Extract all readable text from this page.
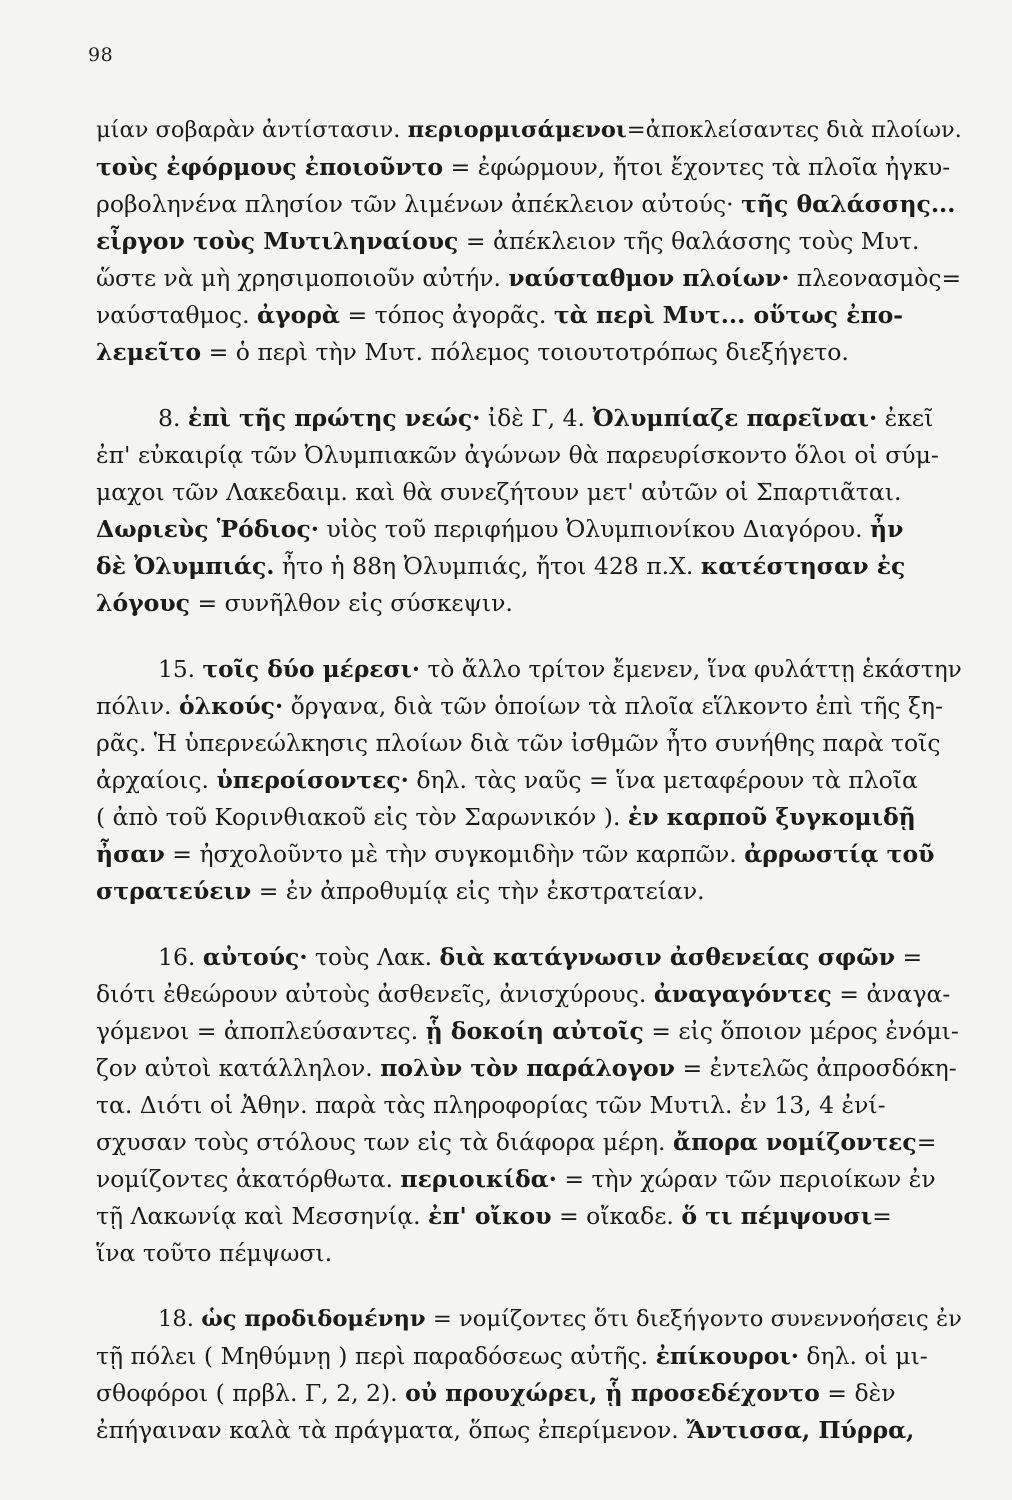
98
μίαν σοβαρὰν ἀντίστασιν. περιορμισάμενοι=ἀποκλείσαντες διὰ πλοίων.
τοὺς ἐφόρμους ἐποιοῦντο = ἐφώρμουν, ἤτοι ἔχοντες τὰ πλοῖα ἠγκυ-
ροβοληνένα πλησίον τῶν λιμένων ἀπέκλειον αὐτούς· τῆς θαλάσσης...
εἶργον τοὺς Μυτιληναίους = ἀπέκλειον τῆς θαλάσσης τοὺς Μυτ.
ὥστε νὰ μὴ χρησιμοποιοῦν αὐτήν. ναύσταθμον πλοίων· πλεονασμὸς=
ναύσταθμος. ἀγορὰ = τόπος ἀγορᾶς. τὰ περὶ Μυτ... οὕτως ἐπο-
λεμεῖτο = ὁ περὶ τὴν Μυτ. πόλεμος τοιουτοτρόπως διεξήγετο.
8. ἐπὶ τῆς πρώτης νεώς· ἰδὲ Γ, 4. Ὀλυμπίαζε παρεῖναι· ἐκεῖ
ἐπ' εὐκαιρίᾳ τῶν Ὀλυμπιακῶν ἀγώνων θὰ παρευρίσκοντο ὅλοι οἱ σύμ-
μαχοι τῶν Λακεδαιμ. καὶ θὰ συνεζήτουν μετ' αὐτῶν οἱ Σπαρτιᾶται.
Δωριεὺς Ῥόδιος· υἱὸς τοῦ περιφήμου Ὀλυμπιονίκου Διαγόρου. ἦν
δὲ Ὀλυμπιάς. ἦτο ἡ 88η Ὀλυμπιάς, ἤτοι 428 π.Χ. κατέστησαν ἐς
λόγους = συνῆλθον εἰς σύσκεψιν.
15. τοῖς δύο μέρεσι· τὸ ἄλλο τρίτον ἔμενεν, ἵνα φυλάττῃ ἑκάστην
πόλιν. ὁλκούς· ὄργανα, διὰ τῶν ὁποίων τὰ πλοῖα εἵλκοντο ἐπὶ τῆς ξη-
ρᾶς. Ἡ ὑπερνεώλκησις πλοίων διὰ τῶν ἰσθμῶν ἦτο συνήθης παρὰ τοῖς
ἀρχαίοις. ὑπεροίσοντες· δηλ. τὰς ναῦς = ἵνα μεταφέρουν τὰ πλοῖα
( ἀπὸ τοῦ Κορινθιακοῦ εἰς τὸν Σαρωνικόν ). ἐν καρποῦ ξυγκομιδῇ
ἦσαν = ἠσχολοῦντο μὲ τὴν συγκομιδὴν τῶν καρπῶν. ἀρρωστίᾳ τοῦ
στρατεύειν = ἐν ἀπροθυμίᾳ εἰς τὴν ἐκστρατείαν.
16. αὐτούς· τοὺς Λακ. διὰ κατάγνωσιν ἀσθενείας σφῶν =
διότι ἐθεώρουν αὐτοὺς ἀσθενεῖς, ἀνισχύρους. ἀναγαγόντες = ἀναγα-
γόμενοι = ἀποπλεύσαντες. ᾗ δοκοίη αὐτοῖς = εἰς ὅποιον μέρος ἐνόμι-
ζον αὐτοὶ κατάλληλον. πολὺν τὸν παράλογον = ἐντελῶς ἀπροσδόκη-
τα. Διότι οἱ Ἀθην. παρὰ τὰς πληροφορίας τῶν Μυτιλ. ἐν 13, 4 ἐνί-
σχυσαν τοὺς στόλους των εἰς τὰ διάφορα μέρη. ἄπορα νομίζοντες=
νομίζοντες ἀκατόρθωτα. περιοικίδα· = τὴν χώραν τῶν περιοίκων ἐν
τῇ Λακωνίᾳ καὶ Μεσσηνίᾳ. ἐπ' οἴκου = οἴκαδε. ὅ τι πέμψουσι=
ἵνα τοῦτο πέμψωσι.
18. ὡς προδιδομένην = νομίζοντες ὅτι διεξήγοντο συνεννοήσεις ἐν
τῇ πόλει ( Μηθύμνῃ ) περὶ παραδόσεως αὐτῆς. ἐπίκουροι· δηλ. οἱ μι-
σθοφόροι ( πρβλ. Γ, 2, 2). οὐ προυχώρει, ᾗ προσεδέχοντο = δὲν
ἐπήγαιναν καλὰ τὰ πράγματα, ὅπως ἐπερίμενον. Ἄντισσα, Πύρρα,
